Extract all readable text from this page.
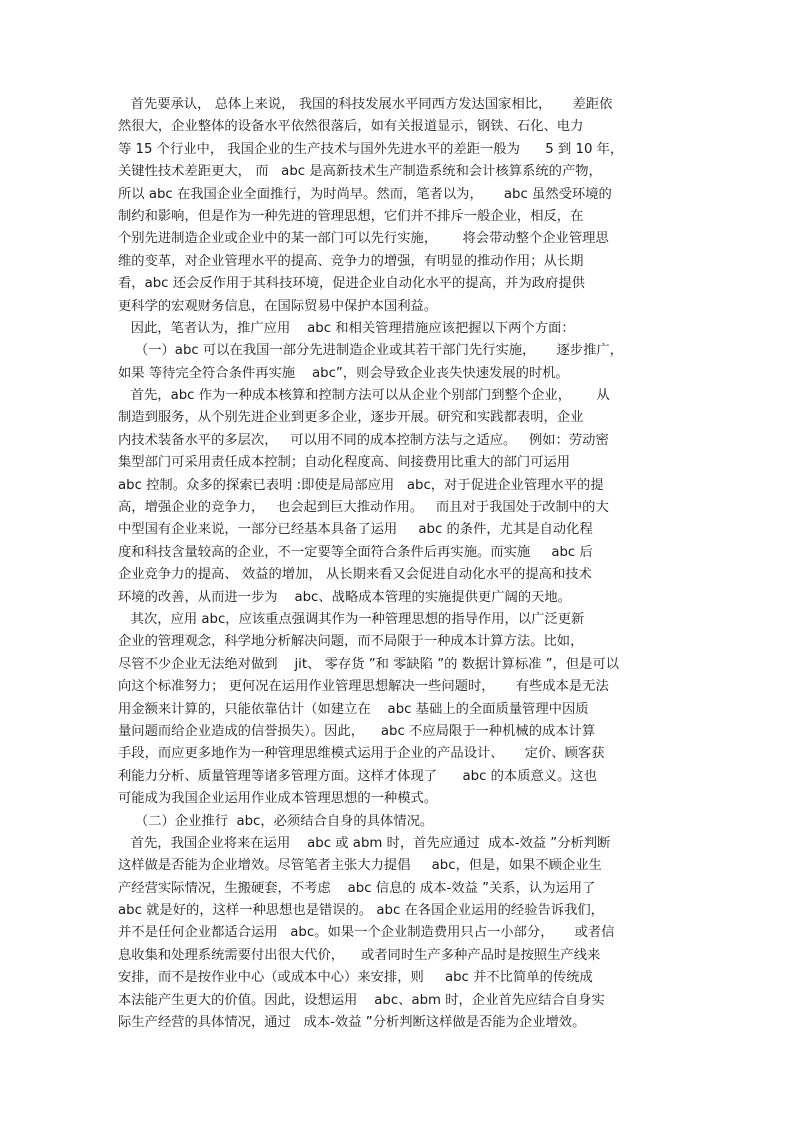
首先要承认， 总体上来说， 我国的科技发展水平同西方发达国家相比，     差距依
然很大，企业整体的设备水平依然很落后，如有关报道显示，钢铁、石化、电力
等 15 个行业中， 我国企业的生产技术与国外先进水平的差距一般为      5 到 10 年，
关键性技术差距更大， 而   abc 是高新技术生产制造系统和会计核算系统的产物，
所以 abc 在我国企业全面推行，为时尚早。然而，笔者以为，     abc 虽然受环境的
制约和影响，但是作为一种先进的管理思想，它们并不排斥一般企业，相反，在
个别先进制造企业或企业中的某一部门可以先行实施，      将会带动整个企业管理思
维的变革，对企业管理水平的提高、竞争力的增强，有明显的推动作用；从长期
看，abc 还会反作用于其科技环境，促进企业自动化水平的提高，并为政府提供
更科学的宏观财务信息，在国际贸易中保护本国利益。
因此，笔者认为，推广应用    abc 和相关管理措施应该把握以下两个方面：
（一）abc 可以在我国一部分先进制造企业或其若干部门先行实施，     逐步推广，
如果 等待完全符合条件再实施    abc”，则会导致企业丧失快速发展的时机。
首先，abc 作为一种成本核算和控制方法可以从企业个别部门到整个企业，      从
制造到服务，从个别先进企业到更多企业，逐步开展。研究和实践都表明，企业
内技术装备水平的多层次，   可以用不同的成本控制方法与之适应。   例如：劳动密
集型部门可采用责任成本控制；自动化程度高、间接费用比重大的部门可运用
abc 控制。众多的探索已表明 :即使是局部应用   abc，对于促进企业管理水平的提
高，增强企业的竞争力，   也会起到巨大推动作用。   而且对于我国处于改制中的大
中型国有企业来说，一部分已经基本具备了运用     abc 的条件，尤其是自动化程
度和科技含量较高的企业，不一定要等全面符合条件后再实施。而实施     abc 后
企业竞争力的提高、 效益的增加， 从长期来看又会促进自动化水平的提高和技术
环境的改善，从而进一步为    abc、战略成本管理的实施提供更广阔的天地。
其次，应用 abc，应该重点强调其作为一种管理思想的指导作用，以广泛更新
企业的管理观念，科学地分析解决问题，而不局限于一种成本计算方法。比如，
尽管不少企业无法绝对做到    jit、 零存货 ”和 零缺陷 ”的 数据计算标准 ”，但是可以
向这个标准努力； 更何况在运用作业管理思想解决一些问题时，     有些成本是无法
用金额来计算的，只能依靠估计（如建立在    abc 基础上的全面质量管理中因质
量问题而给企业造成的信誉损失）。因此，    abc 不应局限于一种机械的成本计算
手段，而应更多地作为一种管理思维模式运用于企业的产品设计、     定价、顾客获
利能力分析、质量管理等诸多管理方面。这样才体现了      abc 的本质意义。这也
可能成为我国企业运用作业成本管理思想的一种模式。
（二）企业推行  abc，必须结合自身的具体情况。
首先，我国企业将来在运用    abc 或 abm 时，首先应通过  成本-效益 ”分析判断
这样做是否能为企业增效。尽管笔者主张大力提倡     abc，但是，如果不顾企业生
产经营实际情况，生搬硬套，不考虑    abc 信息的 成本-效益 ”关系，认为运用了
abc 就是好的，这样一种思想也是错误的。 abc 在各国企业运用的经验告诉我们，
并不是任何企业都适合运用   abc。如果一个企业制造费用只占一小部分，     或者信
息收集和处理系统需要付出很大代价，    或者同时生产多种产品时是按照生产线来
安排，而不是按作业中心（或成本中心）来安排，则     abc 并不比简单的传统成
本法能产生更大的价值。因此，设想运用    abc、abm 时，企业首先应结合自身实
际生产经营的具体情况，通过   成本-效益 ”分析判断这样做是否能为企业增效。
